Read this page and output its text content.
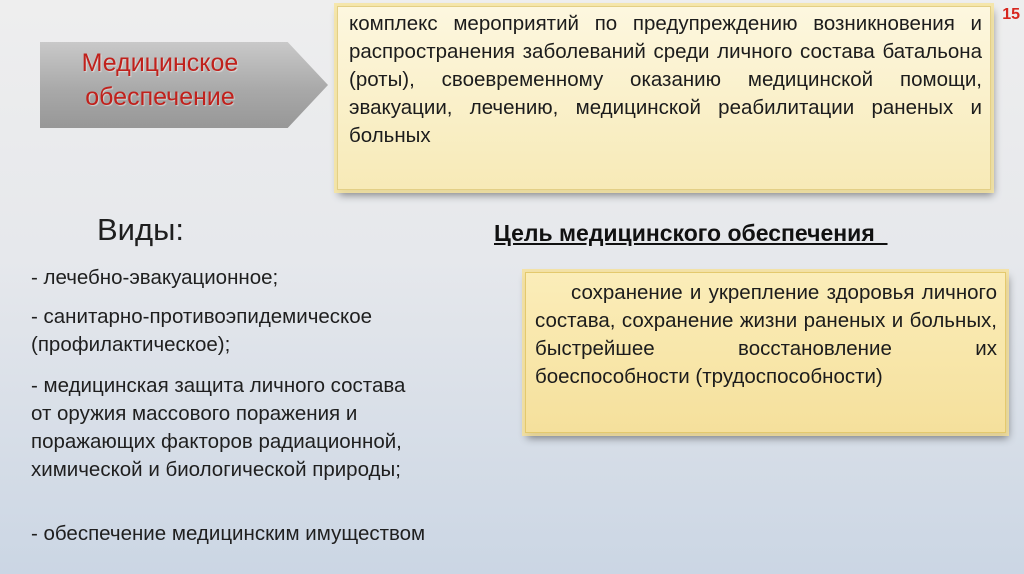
15
Медицинское
обеспечение
комплекс мероприятий по предупреждению возникновения и распространения заболеваний среди личного состава батальона (роты), своевременному оказанию медицинской помощи, эвакуации, лечению, медицинской реабилитации раненых и больных
Виды:	Цель медицинского обеспечения
сохранение и укрепление здоровья личного состава, сохранение жизни раненых и больных, быстрейшее восстановление их боеспособности (трудоспособности)
- лечебно-эвакуационное;
- санитарно-противоэпидемическое
(профилактическое);
- медицинская защита личного состава
от оружия массового поражения и
поражающих факторов радиационной,
химической и биологической природы;
- обеспечение медицинским имуществом
